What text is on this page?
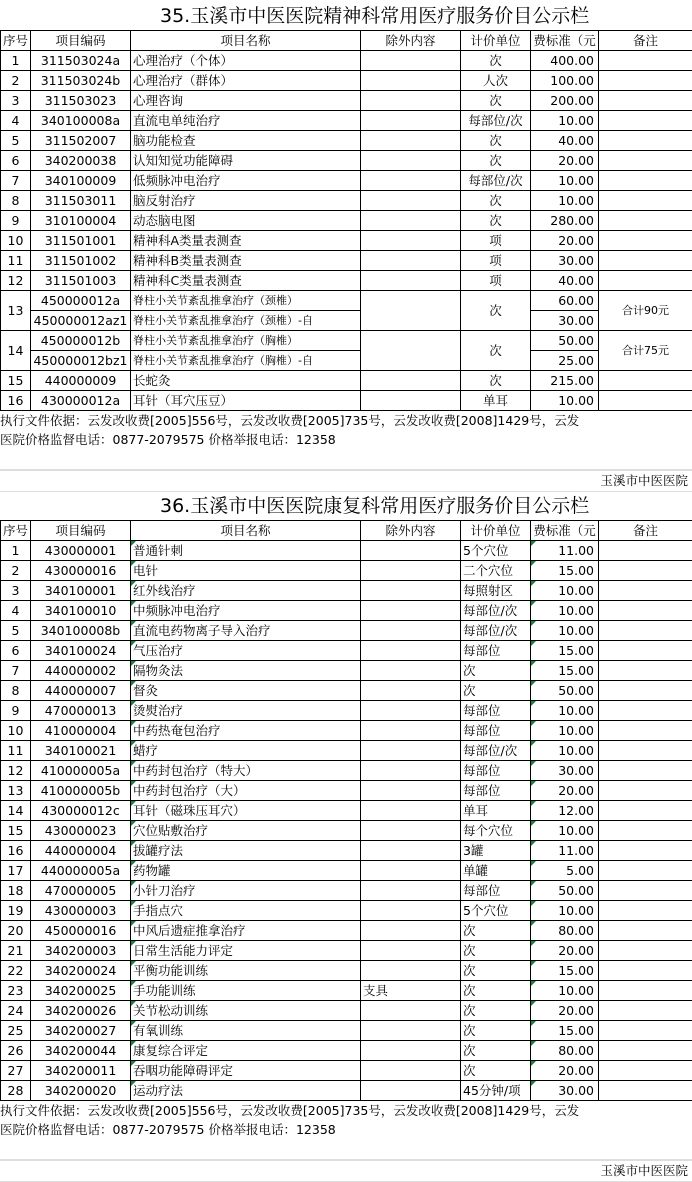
35.玉溪市中医医院精神科常用医疗服务价目公示栏
序号	项目编码	项目名称	除外内容	计价单位	费标准（元	备注
1	311503024a	心理治疗（个体）		次	400.00	
2	311503024b	心理治疗（群体）		人次	100.00	
3	311503023	心理咨询		次	200.00	
4	340100008a	直流电单纯治疗		每部位/次	10.00	
5	311502007	脑功能检查		次	40.00	
6	340200038	认知知觉功能障碍		次	20.00	
7	340100009	低频脉冲电治疗		每部位/次	10.00	
8	311503011	脑反射治疗		次	10.00	
9	310100004	动态脑电图		次	280.00	
10	311501001	精神科A类量表测查		项	20.00	
11	311501002	精神科B类量表测查		项	30.00	
12	311501003	精神科C类量表测查		项	40.00	
13	450000012a	脊柱小关节紊乱推拿治疗（颈椎）		次	60.00	合计90元
	450000012az1	脊柱小关节紊乱推拿治疗（颈椎）-自			30.00	
14	450000012b	脊柱小关节紊乱推拿治疗（胸椎）		次	50.00	合计75元
	450000012bz1	脊柱小关节紊乱推拿治疗（胸椎）-自			25.00	
15	440000009	长蛇灸		次	215.00	
16	430000012a	耳针（耳穴压豆）		单耳	10.00	
执行文件依据：云发改收费[2005]556号，云发改收费[2005]735号，云发改收费[2008]1429号，云发
医院价格监督电话：0877-2079575 价格举报电话：12358
玉溪市中医医院
36.玉溪市中医医院康复科常用医疗服务价目公示栏
序号	项目编码	项目名称	除外内容	计价单位	费标准（元	备注
1	430000001	普通针刺		5个穴位	11.00	
2	430000016	电针		二个穴位	15.00	
3	340100001	红外线治疗		每照射区	10.00	
4	340100010	中频脉冲电治疗		每部位/次	10.00	
5	340100008b	直流电药物离子导入治疗		每部位/次	10.00	
6	340100024	气压治疗		每部位	15.00	
7	440000002	隔物灸法		次	15.00	
8	440000007	督灸		次	50.00	
9	470000013	烫熨治疗		每部位	10.00	
10	410000004	中药热奄包治疗		每部位	10.00	
11	340100021	蜡疗		每部位/次	10.00	
12	410000005a	中药封包治疗（特大）		每部位	30.00	
13	410000005b	中药封包治疗（大）		每部位	20.00	
14	430000012c	耳针（磁珠压耳穴）		单耳	12.00	
15	430000023	穴位贴敷治疗		每个穴位	10.00	
16	440000004	拔罐疗法		3罐	11.00	
17	440000005a	药物罐		单罐	5.00	
18	470000005	小针刀治疗		每部位	50.00	
19	430000003	手指点穴		5个穴位	10.00	
20	450000016	中风后遗症推拿治疗		次	80.00	
21	340200003	日常生活能力评定		次	20.00	
22	340200024	平衡功能训练		次	15.00	
23	340200025	手功能训练	支具	次	10.00	
24	340200026	关节松动训练		次	20.00	
25	340200027	有氧训练		次	15.00	
26	340200044	康复综合评定		次	80.00	
27	340200011	吞咽功能障碍评定		次	20.00	
28	340200020	运动疗法		45分钟/项	30.00	
执行文件依据：云发改收费[2005]556号，云发改收费[2005]735号，云发改收费[2008]1429号，云发
医院价格监督电话：0877-2079575 价格举报电话：12358
玉溪市中医医院
